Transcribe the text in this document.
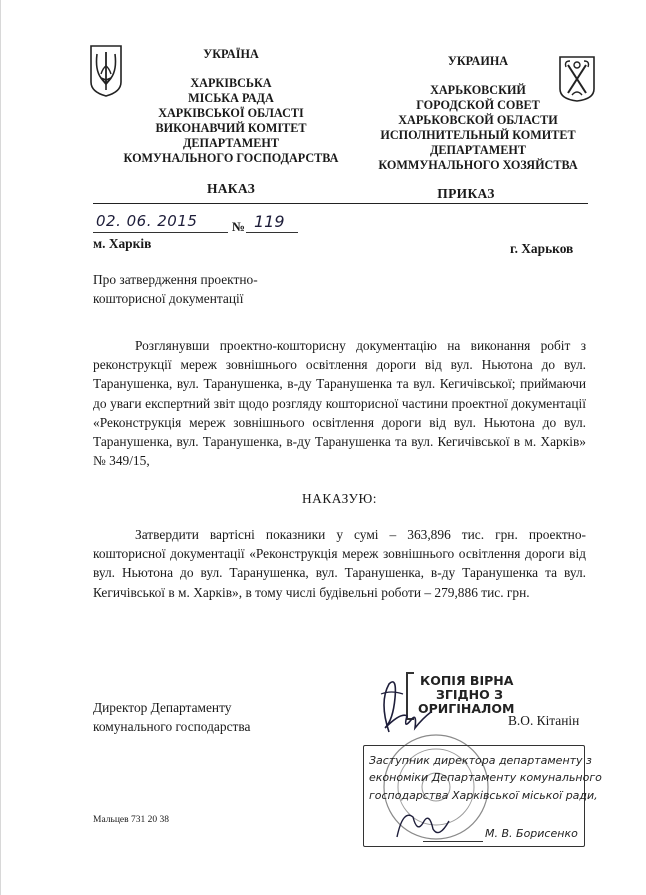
УКРАЇНА
ХАРКІВСЬКА
МІСЬКА РАДА
ХАРКІВСЬКОЇ ОБЛАСТІ
ВИКОНАВЧИЙ КОМІТЕТ
ДЕПАРТАМЕНТ
КОМУНАЛЬНОГО ГОСПОДАРСТВА
УКРАИНА
ХАРЬКОВСКИЙ
ГОРОДСКОЙ СОВЕТ
ХАРЬКОВСКОЙ ОБЛАСТИ
ИСПОЛНИТЕЛЬНЫЙ КОМИТЕТ
ДЕПАРТАМЕНТ
КОММУНАЛЬНОГО ХОЗЯЙСТВА
НАКАЗ	ПРИКАЗ
02. 06. 2015	№ 119
м. Харків	г. Харьков
Про затвердження проектно-
кошторисної документації
Розглянувши проектно-кошторисну документацію на виконання робіт з реконструкції мереж зовнішнього освітлення дороги від вул. Ньютона до вул. Таранушенка, вул. Таранушенка, в-ду Таранушенка та вул. Кегичівської; приймаючи до уваги експертний звіт щодо розгляду кошторисної частини проектної документації «Реконструкція мереж зовнішнього освітлення дороги від вул. Ньютона до вул. Таранушенка, вул. Таранушенка, в-ду Таранушенка та вул. Кегичівської в м. Харків» № 349/15,
НАКАЗУЮ:
Затвердити вартісні показники у сумі – 363,896 тис. грн. проектно-кошторисної документації «Реконструкція мереж зовнішнього освітлення дороги від вул. Ньютона до вул. Таранушенка, вул. Таранушенка, в-ду Таранушенка та вул. Кегичівської в м. Харків», в тому числі будівельні роботи – 279,886 тис. грн.
Директор Департаменту
комунального господарства	В.О. Кітанін
КОПІЯ ВІРНА
ЗГІДНО З
ОРИГІНАЛОМ
Заступник директора департаменту з
економіки Департаменту комунального
господарства Харківської міської ради,
М. В. Борисенко
Мальцев 731 20 38
